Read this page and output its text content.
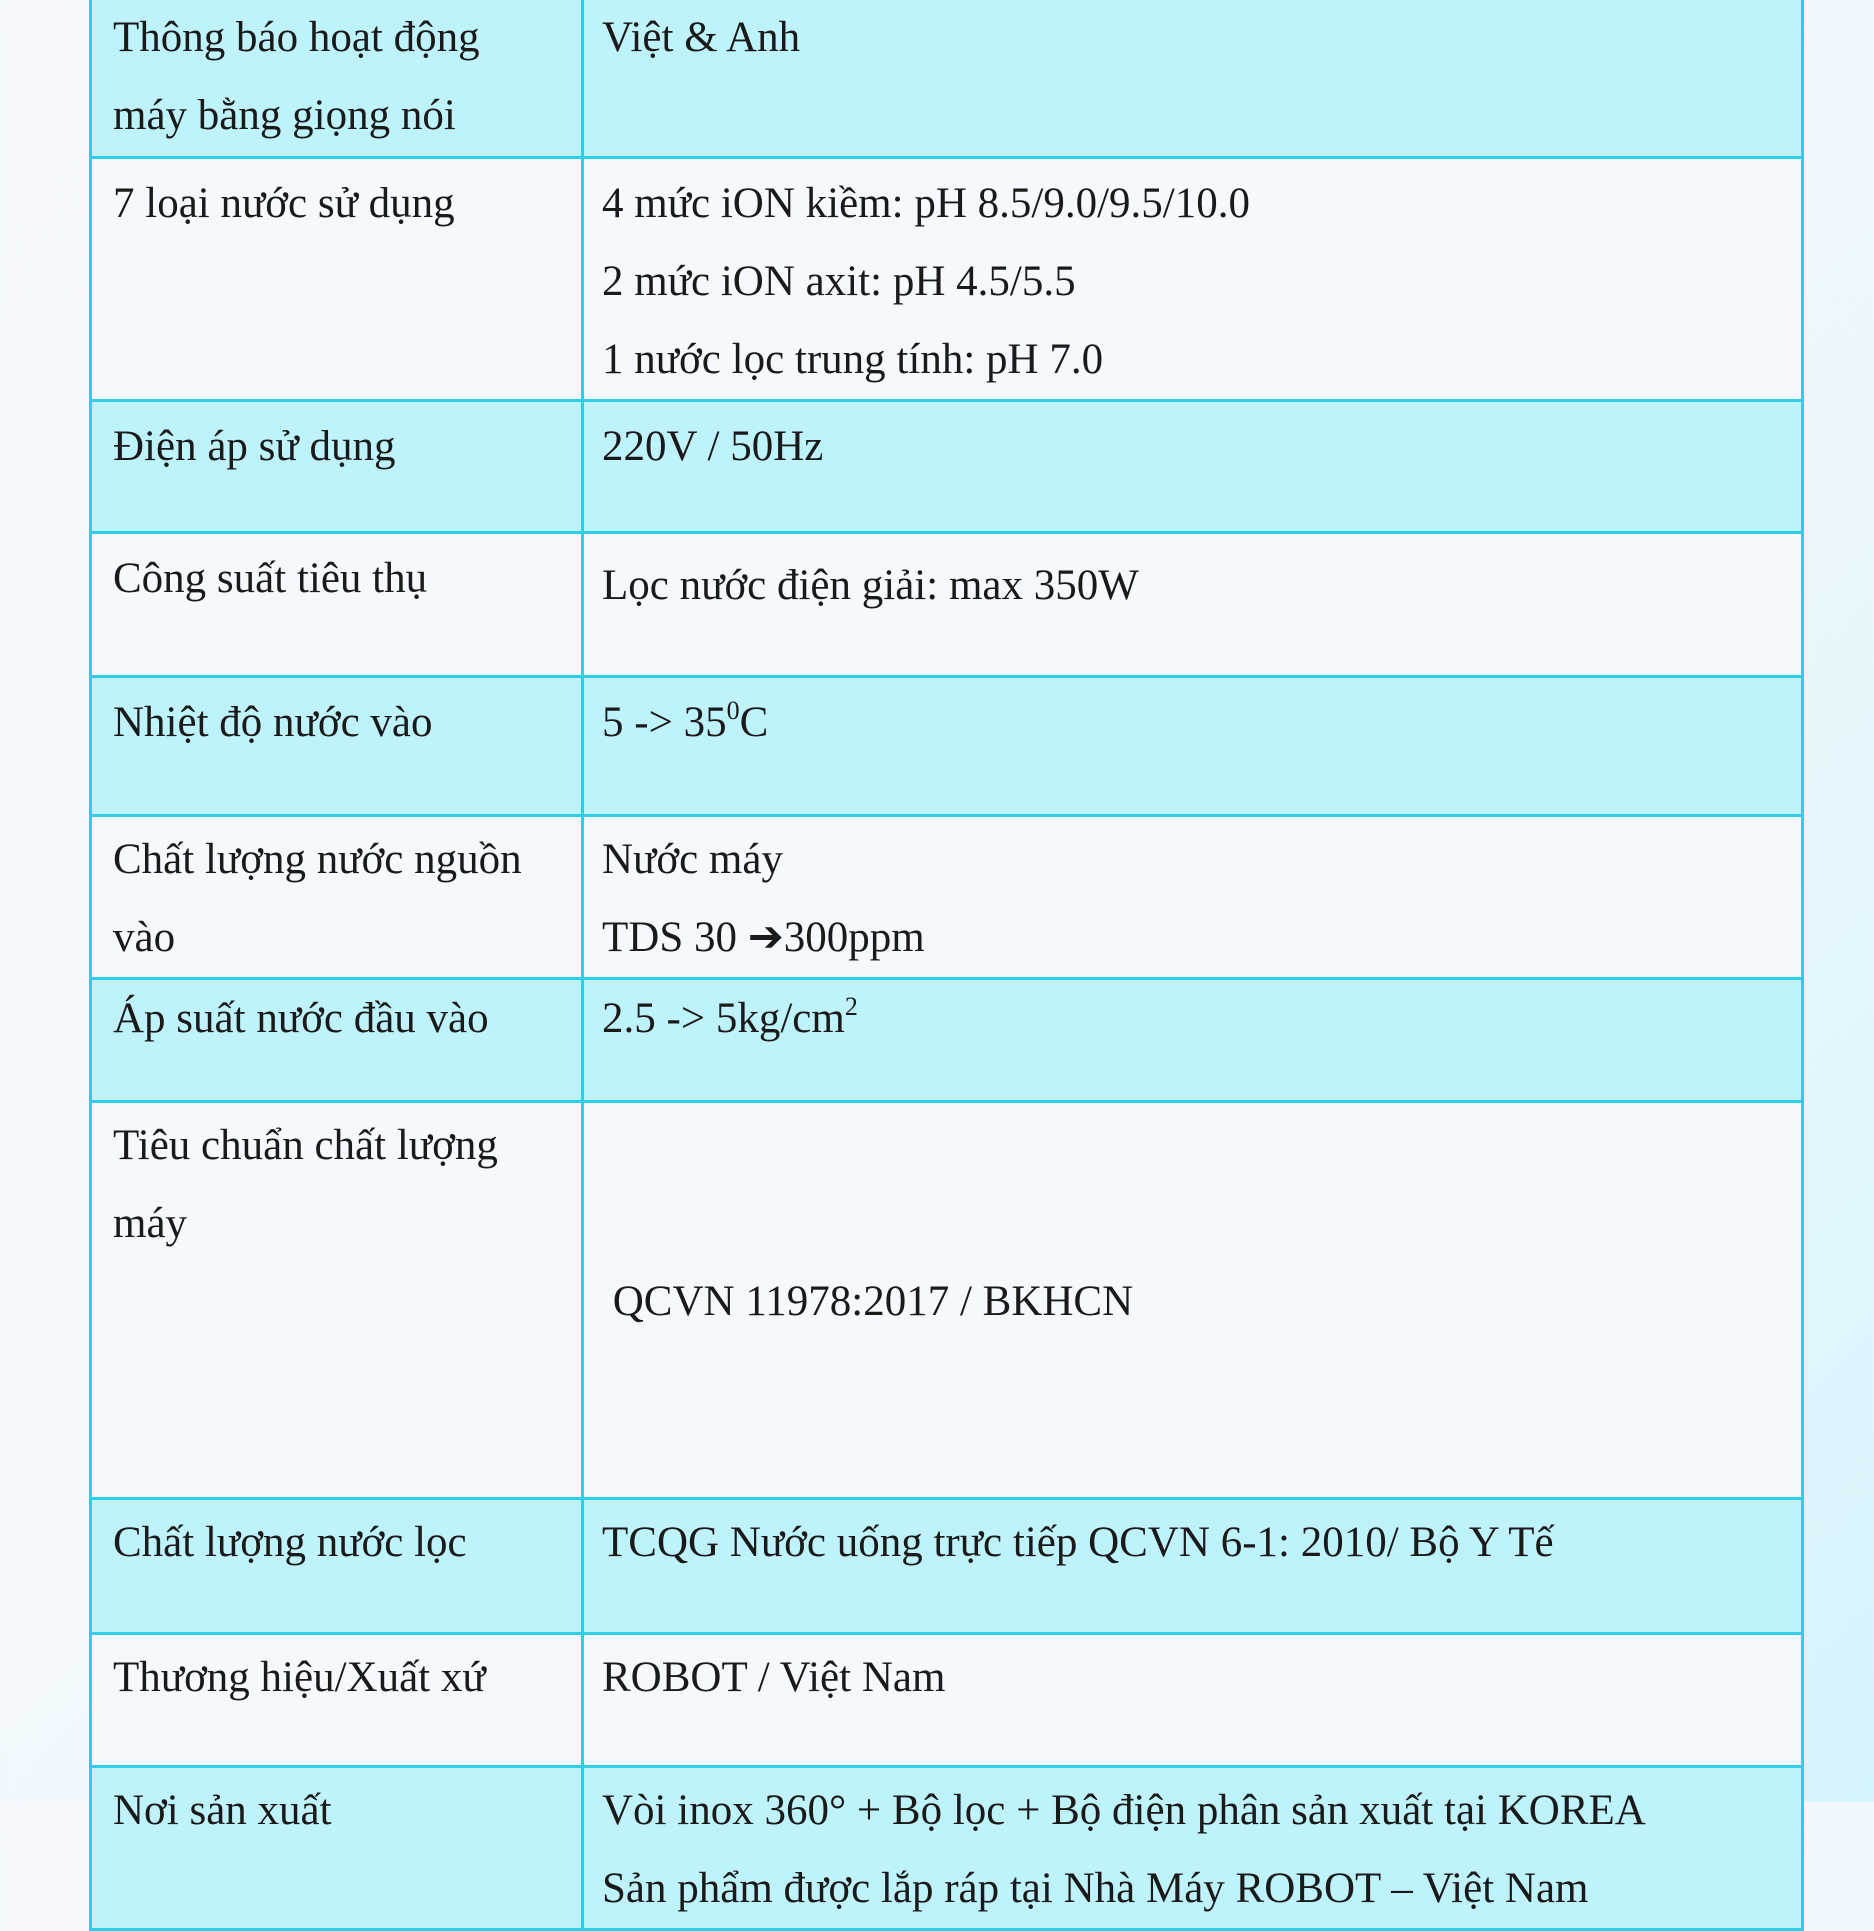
Thông báo hoạt động
máy bằng giọng nói	Việt & Anh

7 loại nước sử dụng	4 mức iON kiềm: pH 8.5/9.0/9.5/10.0
2 mức iON axit: pH 4.5/5.5
1 nước lọc trung tính: pH 7.0

Điện áp sử dụng	220V / 50Hz

Công suất tiêu thụ	Lọc nước điện giải: max 350W

Nhiệt độ nước vào	$5 -> 35^0C$

Chất lượng nước nguồn
vào	Nước máy
TDS 30 ➔300ppm

Áp suất nước đầu vào	$2.5 -> 5kg/cm^2$

Tiêu chuẩn chất lượng
máy	QCVN 11978:2017 / BKHCN

Chất lượng nước lọc	TCQG Nước uống trực tiếp QCVN 6-1: 2010/ Bộ Y Tế

Thương hiệu/Xuất xứ	ROBOT / Việt Nam

Nơi sản xuất	Vòi inox 360° + Bộ lọc + Bộ điện phân sản xuất tại KOREA
Sản phẩm được lắp ráp tại Nhà Máy ROBOT – Việt Nam
